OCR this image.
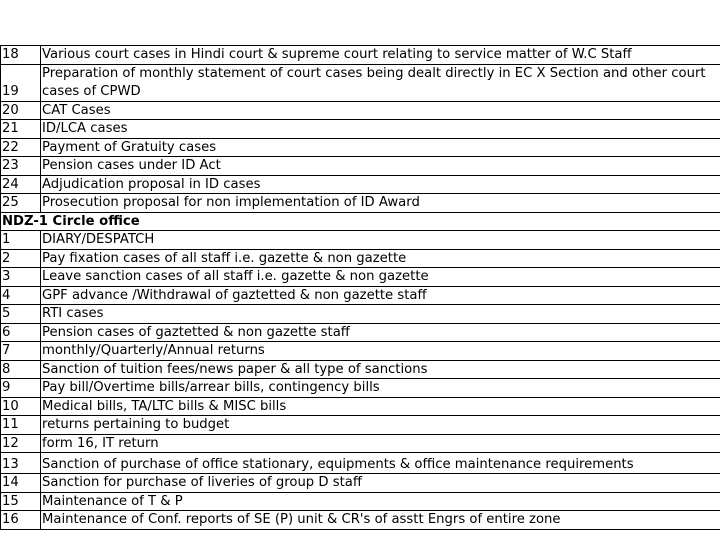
18	Various court cases in Hindi court & supreme court relating to service matter of W.C Staff
19	Preparation of monthly statement of court cases being dealt directly in EC X Section and other court cases of CPWD
20	CAT Cases
21	ID/LCA cases
22	Payment of Gratuity cases
23	Pension cases under ID Act
24	Adjudication proposal in ID cases
25	Prosecution proposal for non implementation of ID Award
NDZ-1 Circle office	
1	DIARY/DESPATCH
2	Pay fixation cases of all staff i.e. gazette & non gazette
3	Leave sanction cases of all staff i.e. gazette & non gazette
4	GPF advance /Withdrawal of gaztetted & non gazette staff
5	RTI cases
6	Pension cases of gaztetted & non gazette staff
7	monthly/Quarterly/Annual returns
8	Sanction of tuition fees/news paper & all type of sanctions
9	Pay bill/Overtime bills/arrear bills, contingency bills
10	Medical bills, TA/LTC bills & MISC bills
11	returns pertaining to budget
12	form 16, IT return
13	Sanction of purchase of office stationary, equipments & office maintenance requirements
14	Sanction for purchase of liveries of group D staff
15	Maintenance of T & P
16	Maintenance of Conf. reports of SE (P) unit & CR's of asstt Engrs of entire zone
